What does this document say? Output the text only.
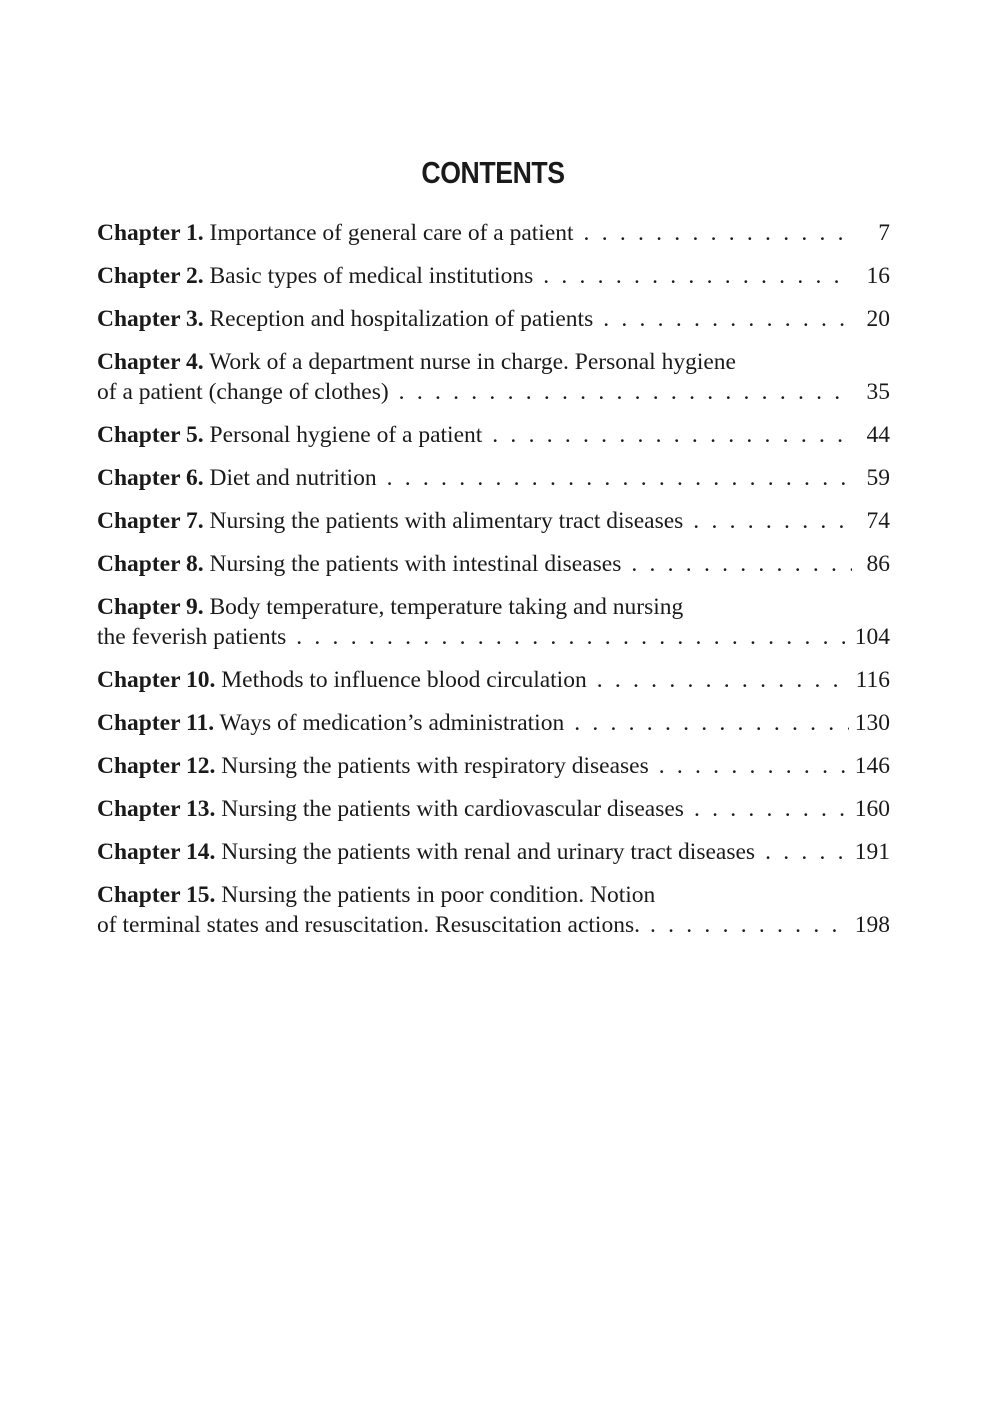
CONTENTS
Chapter 1. Importance of general care of a patient . . .	7
Chapter 2. Basic types of medical institutions . . .	16
Chapter 3. Reception and hospitalization of patients . . .	20
Chapter 4. Work of a department nurse in charge. Personal hygiene
of a patient (change of clothes) . . .	35
Chapter 5. Personal hygiene of a patient . . .	44
Chapter 6. Diet and nutrition . . .	59
Chapter 7. Nursing the patients with alimentary tract diseases . . .	74
Chapter 8. Nursing the patients with intestinal diseases . . .	86
Chapter 9. Body temperature, temperature taking and nursing
the feverish patients . . .	104
Chapter 10. Methods to influence blood circulation . . .	116
Chapter 11. Ways of medication’s administration . . .	130
Chapter 12. Nursing the patients with respiratory diseases . . .	146
Chapter 13. Nursing the patients with cardiovascular diseases . . .	160
Chapter 14. Nursing the patients with renal and urinary tract diseases . . .	191
Chapter 15. Nursing the patients in poor condition. Notion
of terminal states and resuscitation. Resuscitation actions. . . .	198
